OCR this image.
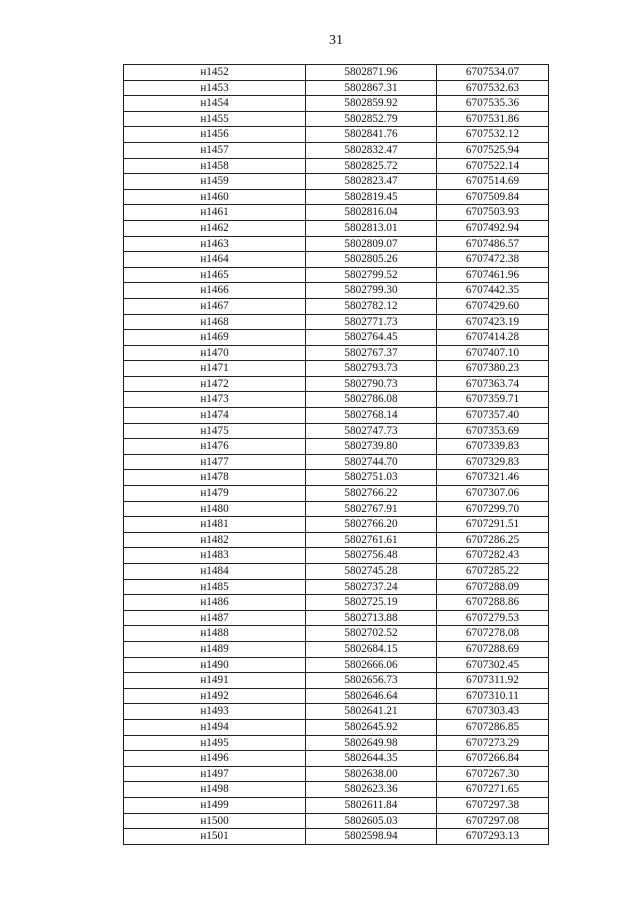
31
н1452	5802871.96	6707534.07
н1453	5802867.31	6707532.63
н1454	5802859.92	6707535.36
н1455	5802852.79	6707531.86
н1456	5802841.76	6707532.12
н1457	5802832.47	6707525.94
н1458	5802825.72	6707522.14
н1459	5802823.47	6707514.69
н1460	5802819.45	6707509.84
н1461	5802816.04	6707503.93
н1462	5802813.01	6707492.94
н1463	5802809.07	6707486.57
н1464	5802805.26	6707472.38
н1465	5802799.52	6707461.96
н1466	5802799.30	6707442.35
н1467	5802782.12	6707429.60
н1468	5802771.73	6707423.19
н1469	5802764.45	6707414.28
н1470	5802767.37	6707407.10
н1471	5802793.73	6707380.23
н1472	5802790.73	6707363.74
н1473	5802786.08	6707359.71
н1474	5802768.14	6707357.40
н1475	5802747.73	6707353.69
н1476	5802739.80	6707339.83
н1477	5802744.70	6707329.83
н1478	5802751.03	6707321.46
н1479	5802766.22	6707307.06
н1480	5802767.91	6707299.70
н1481	5802766.20	6707291.51
н1482	5802761.61	6707286.25
н1483	5802756.48	6707282.43
н1484	5802745.28	6707285.22
н1485	5802737.24	6707288.09
н1486	5802725.19	6707288.86
н1487	5802713.88	6707279.53
н1488	5802702.52	6707278.08
н1489	5802684.15	6707288.69
н1490	5802666.06	6707302.45
н1491	5802656.73	6707311.92
н1492	5802646.64	6707310.11
н1493	5802641.21	6707303.43
н1494	5802645.92	6707286.85
н1495	5802649.98	6707273.29
н1496	5802644.35	6707266.84
н1497	5802638.00	6707267.30
н1498	5802623.36	6707271.65
н1499	5802611.84	6707297.38
н1500	5802605.03	6707297.08
н1501	5802598.94	6707293.13
